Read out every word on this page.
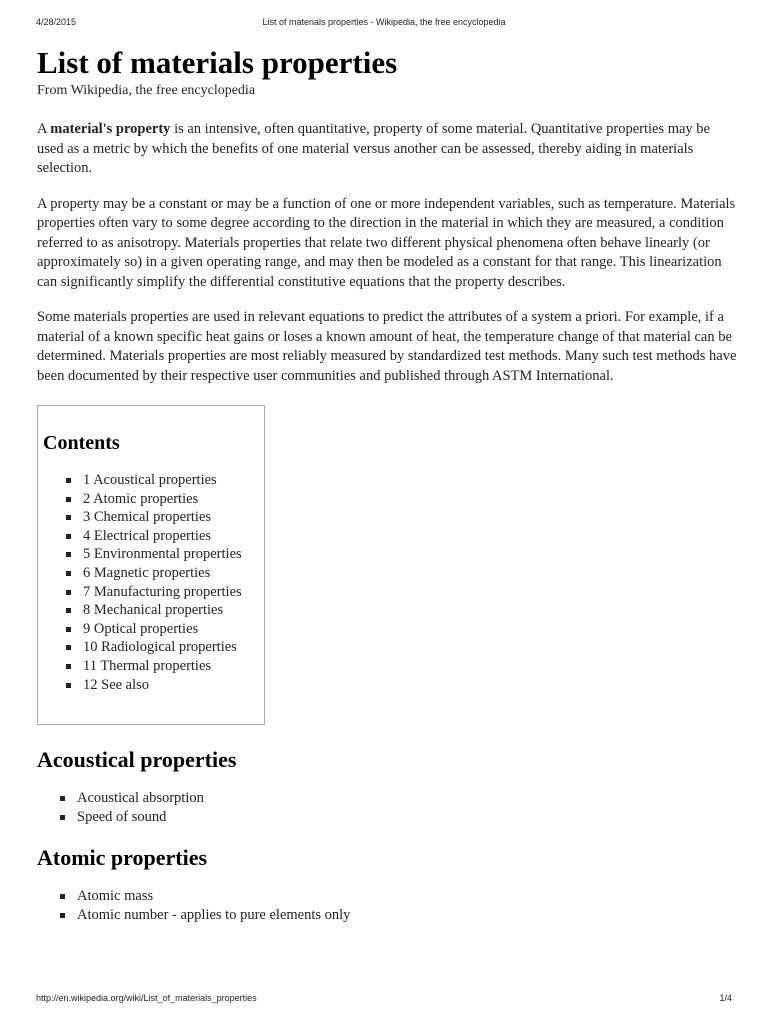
4/28/2015	List of materials properties - Wikipedia, the free encyclopedia
List of materials properties
From Wikipedia, the free encyclopedia

A material's property is an intensive, often quantitative, property of some material. Quantitative properties may be used as a metric by which the benefits of one material versus another can be assessed, thereby aiding in materials selection.

A property may be a constant or may be a function of one or more independent variables, such as temperature. Materials properties often vary to some degree according to the direction in the material in which they are measured, a condition referred to as anisotropy. Materials properties that relate two different physical phenomena often behave linearly (or approximately so) in a given operating range, and may then be modeled as a constant for that range. This linearization can significantly simplify the differential constitutive equations that the property describes.

Some materials properties are used in relevant equations to predict the attributes of a system a priori. For example, if a material of a known specific heat gains or loses a known amount of heat, the temperature change of that material can be determined. Materials properties are most reliably measured by standardized test methods. Many such test methods have been documented by their respective user communities and published through ASTM International.

Contents
1 Acoustical properties
2 Atomic properties
3 Chemical properties
4 Electrical properties
5 Environmental properties
6 Magnetic properties
7 Manufacturing properties
8 Mechanical properties
9 Optical properties
10 Radiological properties
11 Thermal properties
12 See also
Acoustical properties
Acoustical absorption
Speed of sound
Atomic properties
Atomic mass
Atomic number - applies to pure elements only
http://en.wikipedia.org/wiki/List_of_materials_properties	1/4
